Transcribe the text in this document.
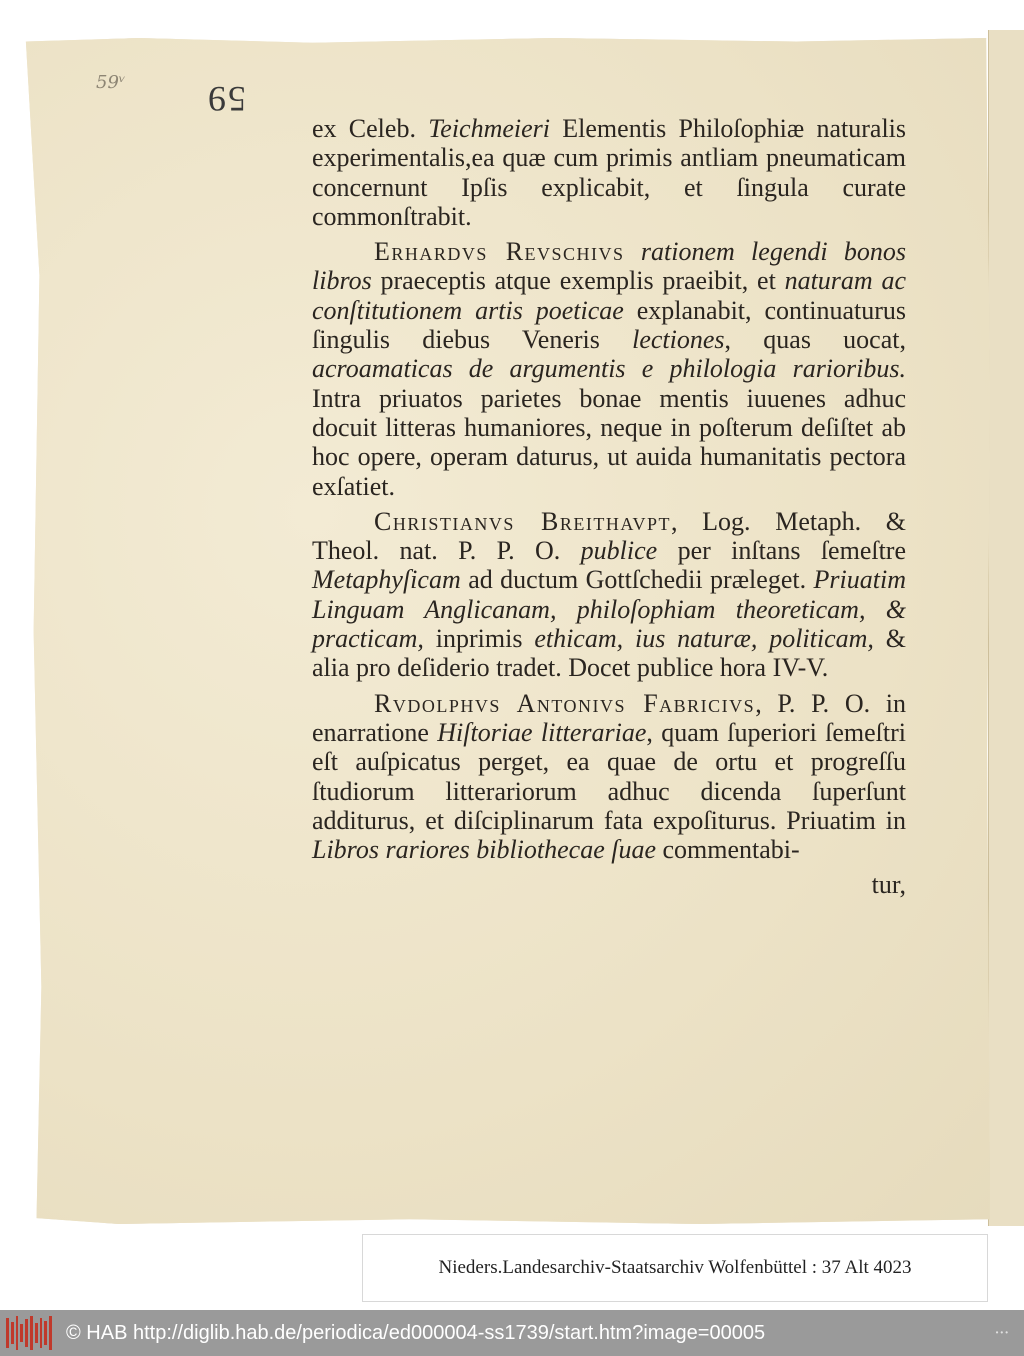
59ᵛ 59

ex Celeb. Teichmeieri Elementis Philoſophiæ naturalis experimentalis,ea quæ cum primis antliam pneumaticam concernunt Ipſis explicabit, et ſingula curate commonſtrabit.

Erhardvs Revschivs rationem legendi bonos libros praeceptis atque exemplis praeibit, et naturam ac conſtitutionem artis poeticae explanabit, continuaturus ſingulis diebus Veneris lectiones, quas uocat, acroamaticas de argumentis e philologia rarioribus. Intra priuatos parietes bonae mentis iuuenes adhuc docuit litteras humaniores, neque in poſterum deſiſtet ab hoc opere, operam daturus, ut auida humanitatis pectora exſatiet.

Christianvs Breithavpt, Log. Metaph. & Theol. nat. P. P. O. publice per inſtans ſemeſtre Metaphyſicam ad ductum Gottſchedii præleget. Priuatim Linguam Anglicanam, philoſophiam theoreticam, & practicam, inprimis ethicam, ius naturæ, politicam, & alia pro deſiderio tradet. Docet publice hora IV-V.

Rvdolphvs Antonivs Fabricivs, P. P. O. in enarratione Hiſtoriae litterariae, quam ſuperiori ſemeſtri eſt auſpicatus perget, ea quae de ortu et progreſſu ſtudiorum litterariorum adhuc dicenda ſuperſunt additurus, et diſciplinarum fata expoſiturus. Priuatim in Libros rariores bibliothecae ſuae commentabi-

tur,
Nieders.Landesarchiv-Staatsarchiv Wolfenbüttel : 37 Alt 4023
© HAB http://diglib.hab.de/periodica/ed000004-ss1739/start.htm?image=00005	•••
